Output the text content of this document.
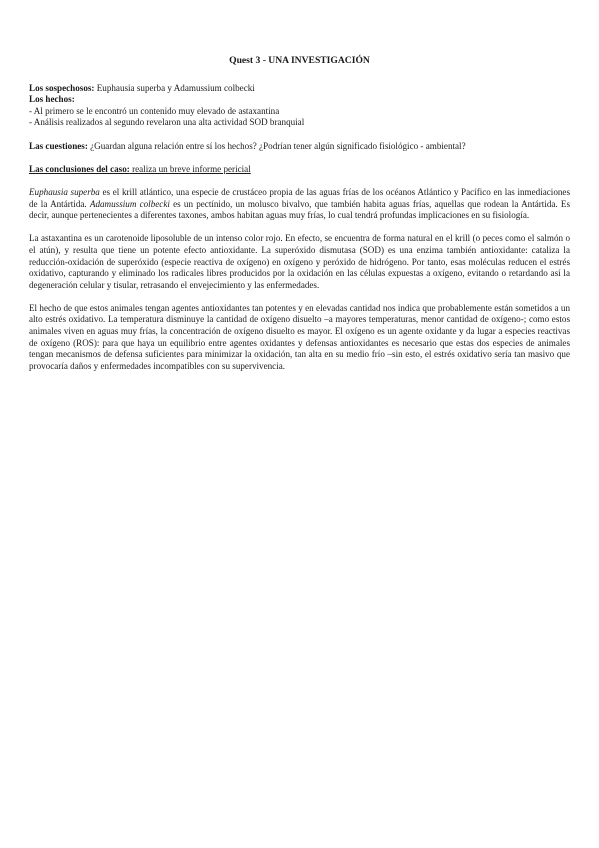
Quest 3 - UNA INVESTIGACIÓN
Los sospechosos: Euphausia superba y Adamussium colbecki
Los hechos:
- Al primero se le encontró un contenido muy elevado de astaxantina
- Análisis realizados al segundo revelaron una alta actividad SOD branquial

Las cuestiones: ¿Guardan alguna relación entre sí los hechos? ¿Podrían tener algún significado fisiológico - ambiental?

Las conclusiones del caso: realiza un breve informe pericial

Euphausia superba es el krill atlántico, una especie de crustáceo propia de las aguas frías de los océanos Atlántico y Pacífico en las inmediaciones de la Antártida. Adamussium colbecki es un pectínido, un molusco bivalvo, que también habita aguas frías, aquellas que rodean la Antártida. Es decir, aunque pertenecientes a diferentes taxones, ambos habitan aguas muy frías, lo cual tendrá profundas implicaciones en su fisiología.

La astaxantina es un carotenoide liposoluble de un intenso color rojo. En efecto, se encuentra de forma natural en el krill (o peces como el salmón o el atún), y resulta que tiene un potente efecto antioxidante. La superóxido dismutasa (SOD) es una enzima también antioxidante: cataliza la reducción-oxidación de superóxido (especie reactiva de oxígeno) en oxígeno y peróxido de hidrógeno. Por tanto, esas moléculas reducen el estrés oxidativo, capturando y eliminado los radicales libres producidos por la oxidación en las células expuestas a oxígeno, evitando o retardando así la degeneración celular y tisular, retrasando el envejecimiento y las enfermedades.

El hecho de que estos animales tengan agentes antioxidantes tan potentes y en elevadas cantidad nos indica que probablemente están sometidos a un alto estrés oxidativo. La temperatura disminuye la cantidad de oxígeno disuelto –a mayores temperaturas, menor cantidad de oxígeno-; como estos animales viven en aguas muy frías, la concentración de oxígeno disuelto es mayor. El oxígeno es un agente oxidante y da lugar a especies reactivas de oxígeno (ROS): para que haya un equilibrio entre agentes oxidantes y defensas antioxidantes es necesario que estas dos especies de animales tengan mecanismos de defensa suficientes para minimizar la oxidación, tan alta en su medio frío –sin esto, el estrés oxidativo sería tan masivo que provocaría daños y enfermedades incompatibles con su supervivencia.
